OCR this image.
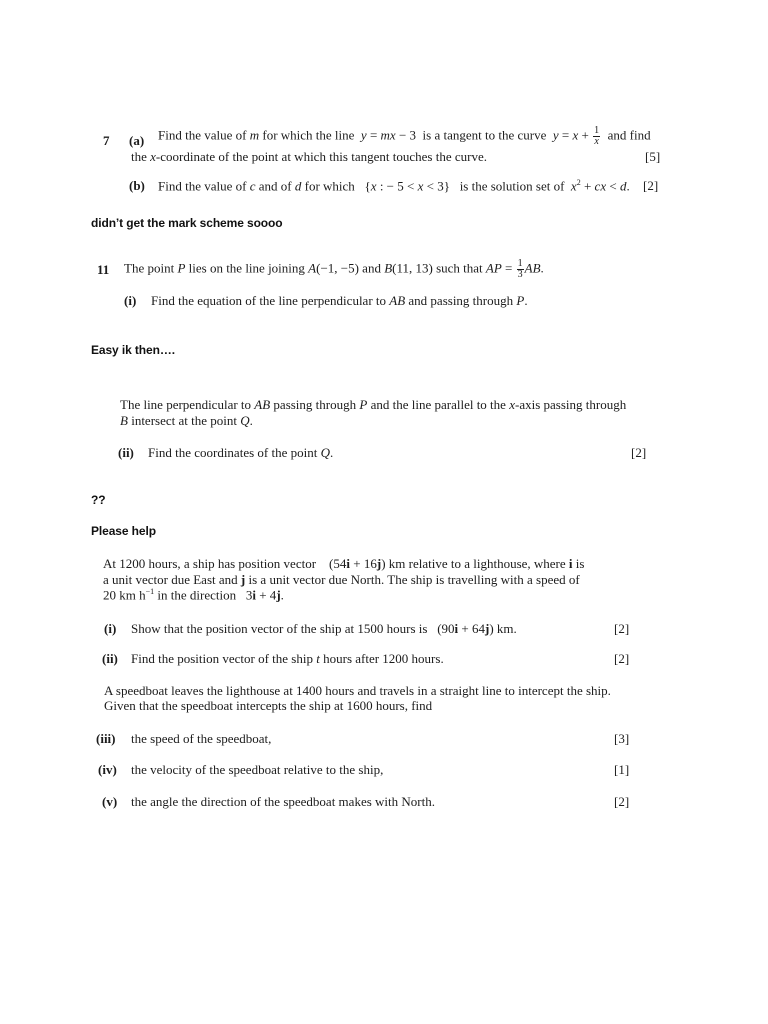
7 (a) Find the value of m for which the line  y = mx − 3  is a tangent to the curve  $y = x + \frac{1}{x}$ and find
the x-coordinate of the point at which this tangent touches the curve.	[5]
(b) Find the value of c and of d for which   {x : − 5 < x < 3}   is the solution set of  $x^2$ + cx < d. [2]
didn’t get the mark scheme soooo
11 The point P lies on the line joining A(−1, −5) and B(11, 13) such that AP = $\frac{1}{3}$ AB.
(i) Find the equation of the line perpendicular to AB and passing through P.
Easy ik then….
The line perpendicular to AB passing through P and the line parallel to the x-axis passing through
B intersect at the point Q.
(ii) Find the coordinates of the point Q.	[2]
??
Please help
At 1200 hours, a ship has position vector    (54i + 16j) km relative to a lighthouse, where i is
a unit vector due East and j is a unit vector due North. The ship is travelling with a speed of
20 km $h^{-1}$ in the direction   3i + 4j.
(i) Show that the position vector of the ship at 1500 hours is   (90i + 64j) km.	[2]
(ii) Find the position vector of the ship t hours after 1200 hours.	[2]
A speedboat leaves the lighthouse at 1400 hours and travels in a straight line to intercept the ship.
Given that the speedboat intercepts the ship at 1600 hours, find
(iii) the speed of the speedboat,	[3]
(iv) the velocity of the speedboat relative to the ship,	[1]
(v) the angle the direction of the speedboat makes with North.	[2]
